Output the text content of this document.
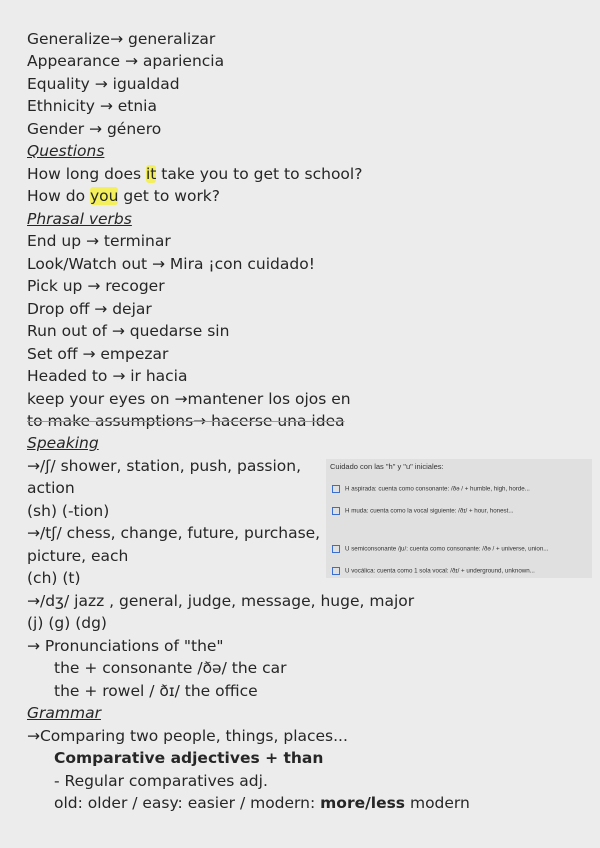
Generalize→ generalizar
Appearance → apariencia
Equality → igualdad
Ethnicity → etnia
Gender → género
Questions
How long does it take you to get to school?
How do you get to work?
Phrasal verbs
End up → terminar
Look/Watch out → Mira ¡con cuidado!
Pick up → recoger
Drop off → dejar
Run out of → quedarse sin
Set off → empezar
Headed to → ir hacia
keep your eyes on →mantener los ojos en
to make assumptions→ hacerse una idea
Speaking
→/ʃ/ shower, station, push, passion,
action
(sh) (-tion)
→/tʃ/ chess, change, future, purchase,
picture, each
(ch) (t)
→/dʒ/ jazz , general, judge, message, huge, major
(j) (g) (dg)
→ Pronunciations of "the"
the + consonante /ðə/ the car
the + rowel / ðɪ/ the office
Cuidado con las "h" y "u" iniciales:
H aspirada: cuenta como consonante: /ðə / + humble, high, horde...
H muda: cuenta como la vocal siguiente: /ðɪ/ + hour, honest...
U semiconsonante /ju/: cuenta como consonante: /ðə / + universe, union...
U vocálica: cuenta como 1 sola vocal: /ðɪ/ + underground, unknown...
Grammar
→Comparing two people, things, places...
Comparative adjectives + than
- Regular comparatives adj.
old: older / easy: easier / modern: more/less modern
